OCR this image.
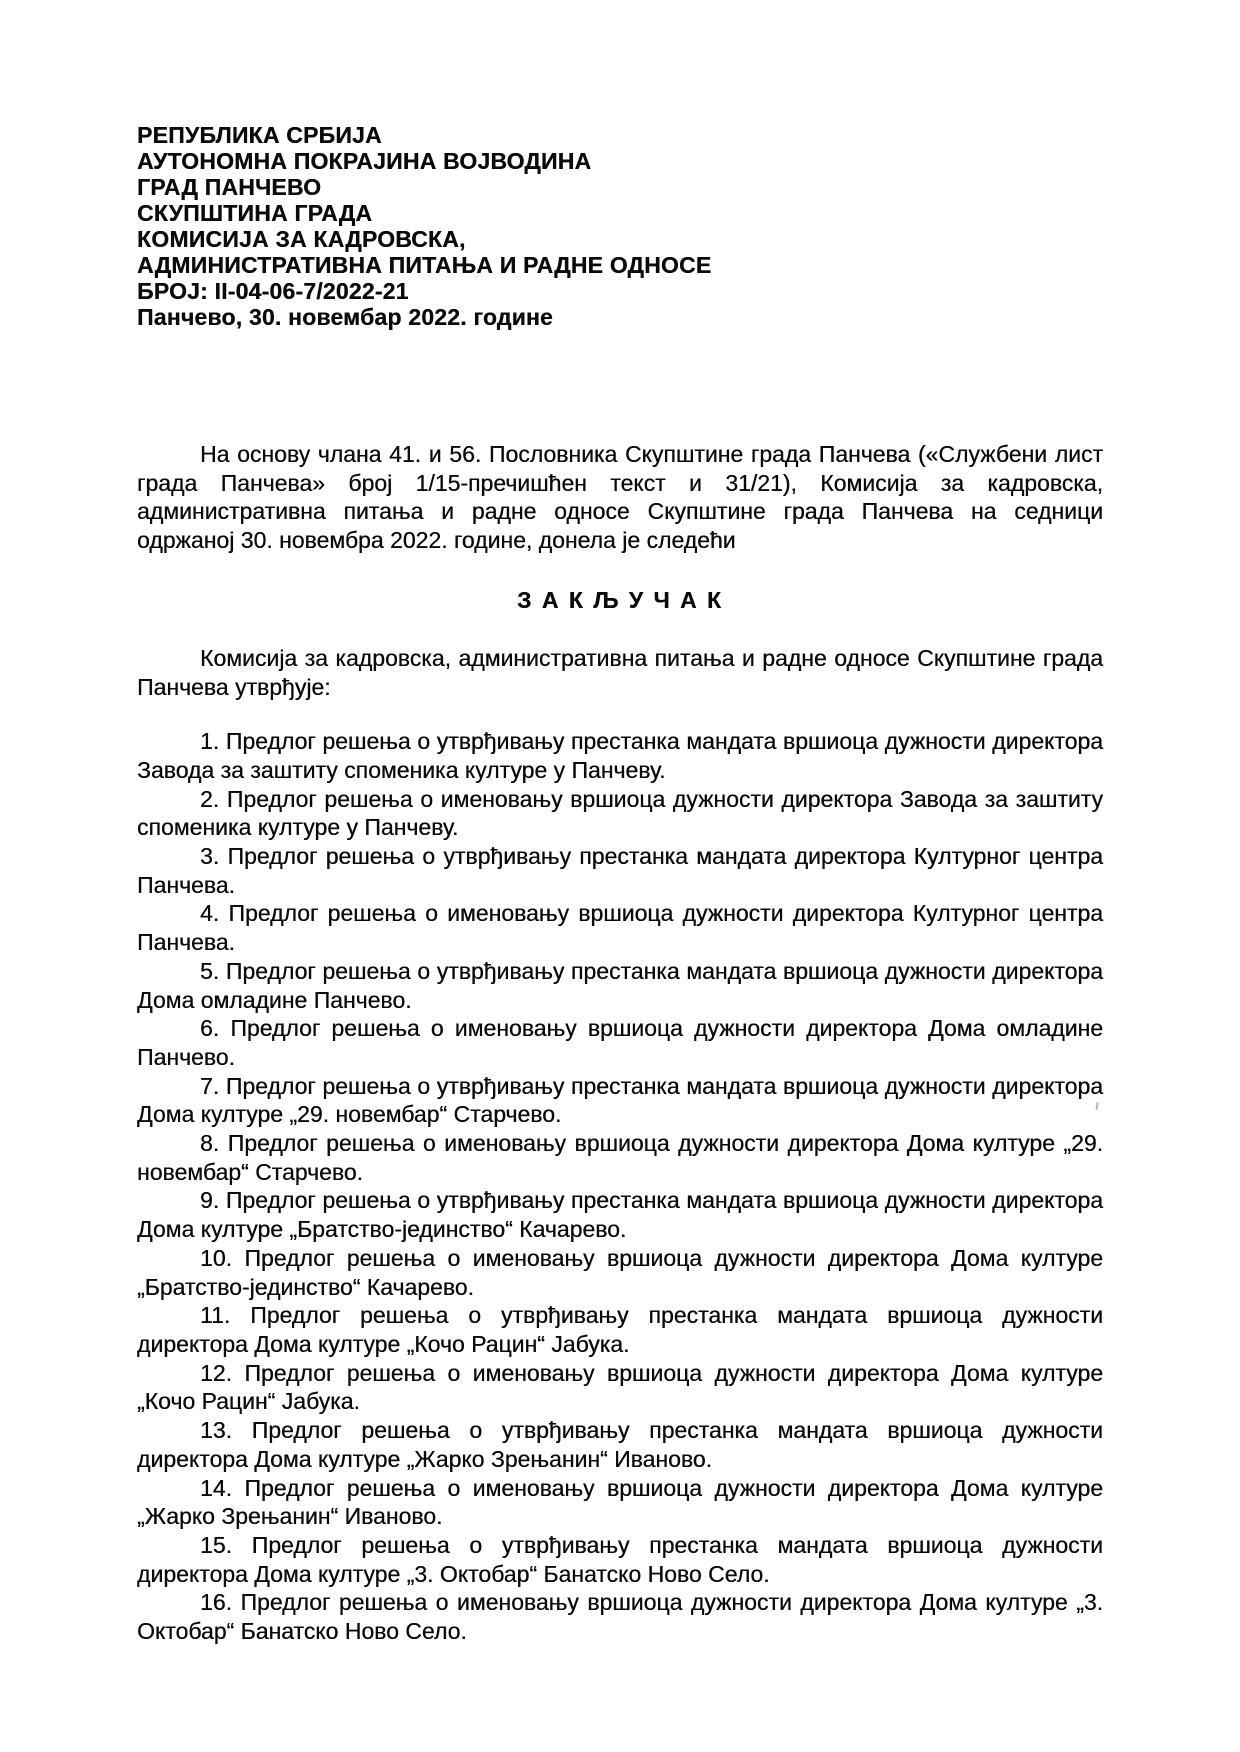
РЕПУБЛИКА СРБИЈА
АУТОНОМНА ПОКРАЈИНА ВОЈВОДИНА
ГРАД ПАНЧЕВО
СКУПШТИНА ГРАДА
КОМИСИЈА ЗА КАДРОВСКА,
АДМИНИСТРАТИВНА ПИТАЊА И РАДНЕ ОДНОСЕ
БРОЈ: II-04-06-7/2022-21
Панчево, 30. новембар 2022. године

На основу члана 41. и 56. Пословника Скупштине града Панчева («Службени лист града Панчева» број 1/15-пречишћен текст и 31/21), Комисија за кадровска, административна питања и радне односе Скупштине града Панчева на седници одржаној 30. новембра 2022. године, донела је следећи

З А К Љ У Ч А К

Комисија за кадровска, административна питања и радне односе Скупштине града Панчева утврђује:

1. Предлог решења о утврђивању престанка мандата вршиоца дужности директора Завода за заштиту споменика културе у Панчеву.

2. Предлог решења о именовању вршиоца дужности директора Завода за заштиту споменика културе у Панчеву.

3. Предлог решења о утврђивању престанка мандата директора Културног центра Панчева.

4. Предлог решења о именовању вршиоца дужности директора Културног центра Панчева.

5. Предлог решења о утврђивању престанка мандата вршиоца дужности директора Дома омладине Панчево.

6. Предлог решења о именовању вршиоца дужности директора Дома омладине Панчево.

7. Предлог решења о утврђивању престанка мандата вршиоца дужности директора Дома културе „29. новембар“ Старчево.

8. Предлог решења о именовању вршиоца дужности директора Дома културе „29. новембар“ Старчево.

9. Предлог решења о утврђивању престанка мандата вршиоца дужности директора Дома културе „Братство-јединство“ Качарево.

10. Предлог решења о именовању вршиоца дужности директора Дома културе „Братство-јединство“ Качарево.

11. Предлог решења о утврђивању престанка мандата вршиоца дужности директора Дома културе „Кочо Рацин“ Јабука.

12. Предлог решења о именовању вршиоца дужности директора Дома културе „Кочо Рацин“ Јабука.

13. Предлог решења о утврђивању престанка мандата вршиоца дужности директора Дома културе „Жарко Зрењанин“ Иваново.

14. Предлог решења о именовању вршиоца дужности директора Дома културе „Жарко Зрењанин“ Иваново.

15. Предлог решења о утврђивању престанка мандата вршиоца дужности директора Дома културе „3. Октобар“ Банатско Ново Село.

16. Предлог решења о именовању вршиоца дужности директора Дома културе „3. Октобар“ Банатско Ново Село.
